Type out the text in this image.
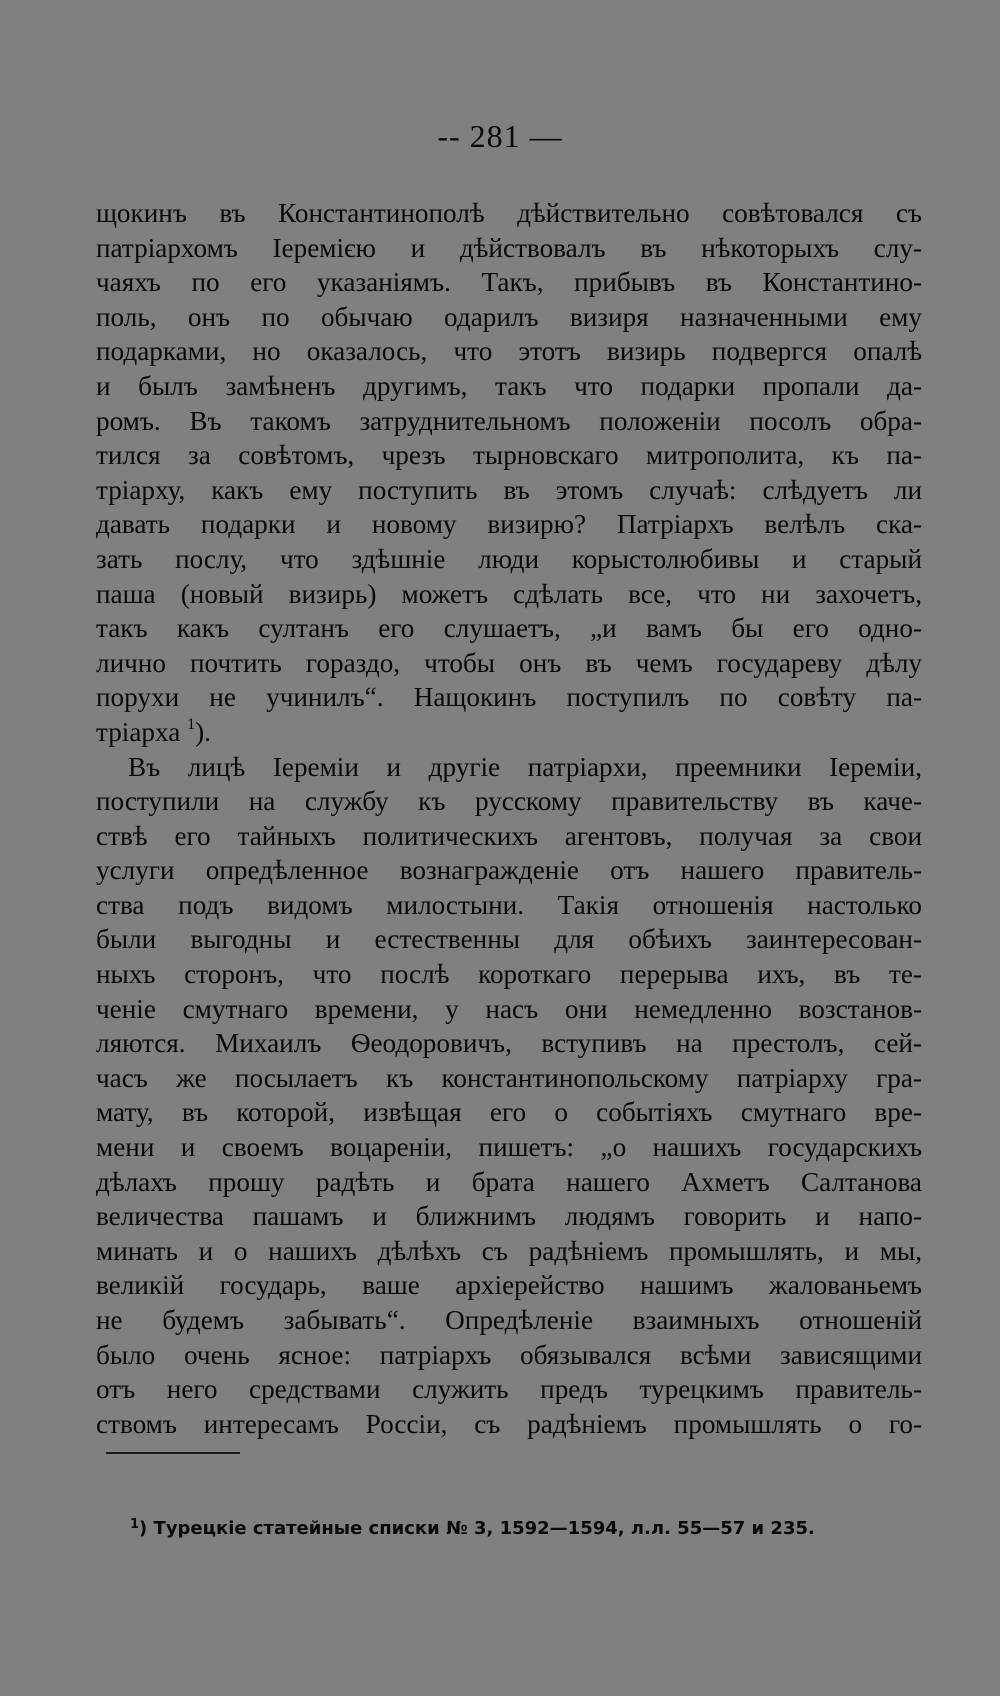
-- 281 —
щокинъ въ Константинополѣ дѣйствительно совѣтовался съ
патріархомъ Іеремією и дѣйствовалъ въ нѣкоторыхъ слу-
чаяхъ по его указаніямъ. Такъ, прибывъ въ Константино-
поль, онъ по обычаю одарилъ визиря назначенными ему
подарками, но оказалось, что этотъ визирь подвергся опалѣ
и былъ замѣненъ другимъ, такъ что подарки пропали да-
ромъ. Въ такомъ затруднительномъ положеніи посолъ обра-
тился за совѣтомъ, чрезъ тырновскаго митрополита, къ па-
тріарху, какъ ему поступить въ этомъ случаѣ: слѣдуетъ ли
давать подарки и новому визирю? Патріархъ велѣлъ ска-
зать послу, что здѣшніе люди корыстолюбивы и старый
паша (новый визирь) можетъ сдѣлать все, что ни захочетъ,
такъ какъ султанъ его слушаетъ, „и вамъ бы его одно-
лично почтить гораздо, чтобы онъ въ чемъ государеву дѣлу
порухи не учинилъ“. Нащокинъ поступилъ по совѣту па-
тріарха $^1$).
Въ лицѣ Іереміи и другіе патріархи, преемники Іереміи,
поступили на службу къ русскому правительству въ каче-
ствѣ его тайныхъ политическихъ агентовъ, получая за свои
услуги опредѣленное вознагражденіе отъ нашего правитель-
ства подъ видомъ милостыни. Такія отношенія настолько
были выгодны и естественны для обѣихъ заинтересован-
ныхъ сторонъ, что послѣ короткаго перерыва ихъ, въ те-
ченіе смутнаго времени, у насъ они немедленно возстанов-
ляются. Михаилъ Ѳеодоровичъ, вступивъ на престолъ, сей-
часъ же посылаетъ къ константинопольскому патріарху гра-
мату, въ которой, извѣщая его о событіяхъ смутнаго вре-
мени и своемъ воцареніи, пишетъ: „о нашихъ государскихъ
дѣлахъ прошу радѣть и брата нашего Ахметъ Салтанова
величества пашамъ и ближнимъ людямъ говорить и напо-
минать и о нашихъ дѣлѣхъ съ радѣніемъ промышлять, и мы,
великій государь, ваше архіерейство нашимъ жалованьемъ
не будемъ забывать“. Опредѣленіе взаимныхъ отношеній
было очень ясное: патріархъ обязывался всѣми зависящими
отъ него средствами служить предъ турецкимъ правитель-
ствомъ интересамъ Россіи, съ радѣніемъ промышлять о го-
$^1$) Турецкіе статейные списки № 3, 1592—1594, л.л. 55—57 и 235.
